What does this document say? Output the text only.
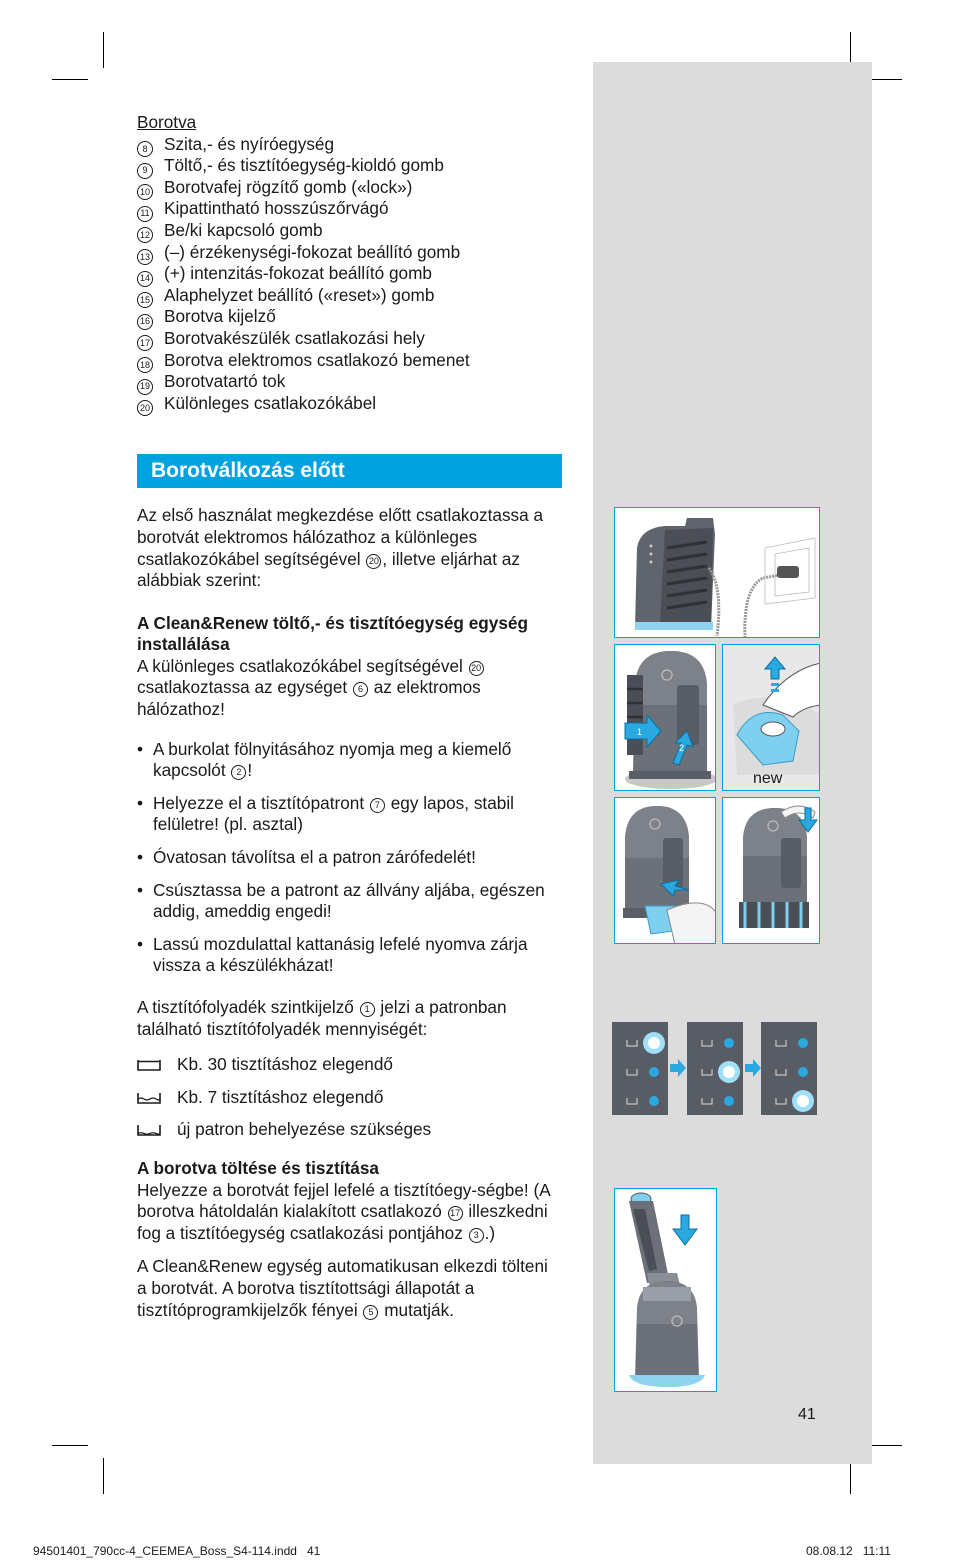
Borotva
8 Szita,- és nyíróegység
9 Töltő,- és tisztítóegység-kioldó gomb
10 Borotvafej rögzítő gomb («lock»)
11 Kipattintható hosszúszőrvágó
12 Be/ki kapcsoló gomb
13 (–) érzékenységi-fokozat beállító gomb
14 (+) intenzitás-fokozat beállító gomb
15 Alaphelyzet beállító («reset») gomb
16 Borotva kijelző
17 Borotvakészülék csatlakozási hely
18 Borotva elektromos csatlakozó bemenet
19 Borotvatartó tok
20 Különleges csatlakozókábel
Borotválkozás előtt
Az első használat megkezdése előtt csatlakoztassa a borotvát elektromos hálózathoz a különleges csatlakozókábel segítségével 20 , illetve eljárhat az alábbiak szerint:
A Clean&Renew töltő,- és tisztítóegység egység installálása
A különleges csatlakozókábel segítségével 20 csatlakoztassa az egységet 6 az elektromos hálózathoz!
• A burkolat fölnyitásához nyomja meg a kiemelő kapcsolót 2 !
• Helyezze el a tisztítópatront 7 egy lapos, stabil felületre! (pl. asztal)
• Óvatosan távolítsa el a patron zárófedelét!
• Csúsztassa be a patront az állvány aljába, egészen addig, ameddig engedi!
• Lassú mozdulattal kattanásig lefelé nyomva zárja vissza a készülékházat!
A tisztítófolyadék szintkijelző 1 jelzi a patronban található tisztítófolyadék mennyiségét:
Kb. 30 tisztításhoz elegendő
Kb. 7 tisztításhoz elegendő
új patron behelyezése szükséges
A borotva töltése és tisztítása
Helyezze a borotvát fejjel lefelé a tisztítóegy-ségbe! (A borotva hátoldalán kialakított csatlakozó 17 illeszkedni fog a tisztítóegység csatlakozási pontjához 3 .)
A Clean&Renew egység automatikusan elkezdi tölteni a borotvát. A borotva tisztítottsági állapotát a tisztítóprogramkijelzők fényei 5 mutatják.
1
2
new
41
94501401_790cc-4_CEEMEA_Boss_S4-114.indd   41	08.08.12   11:11
